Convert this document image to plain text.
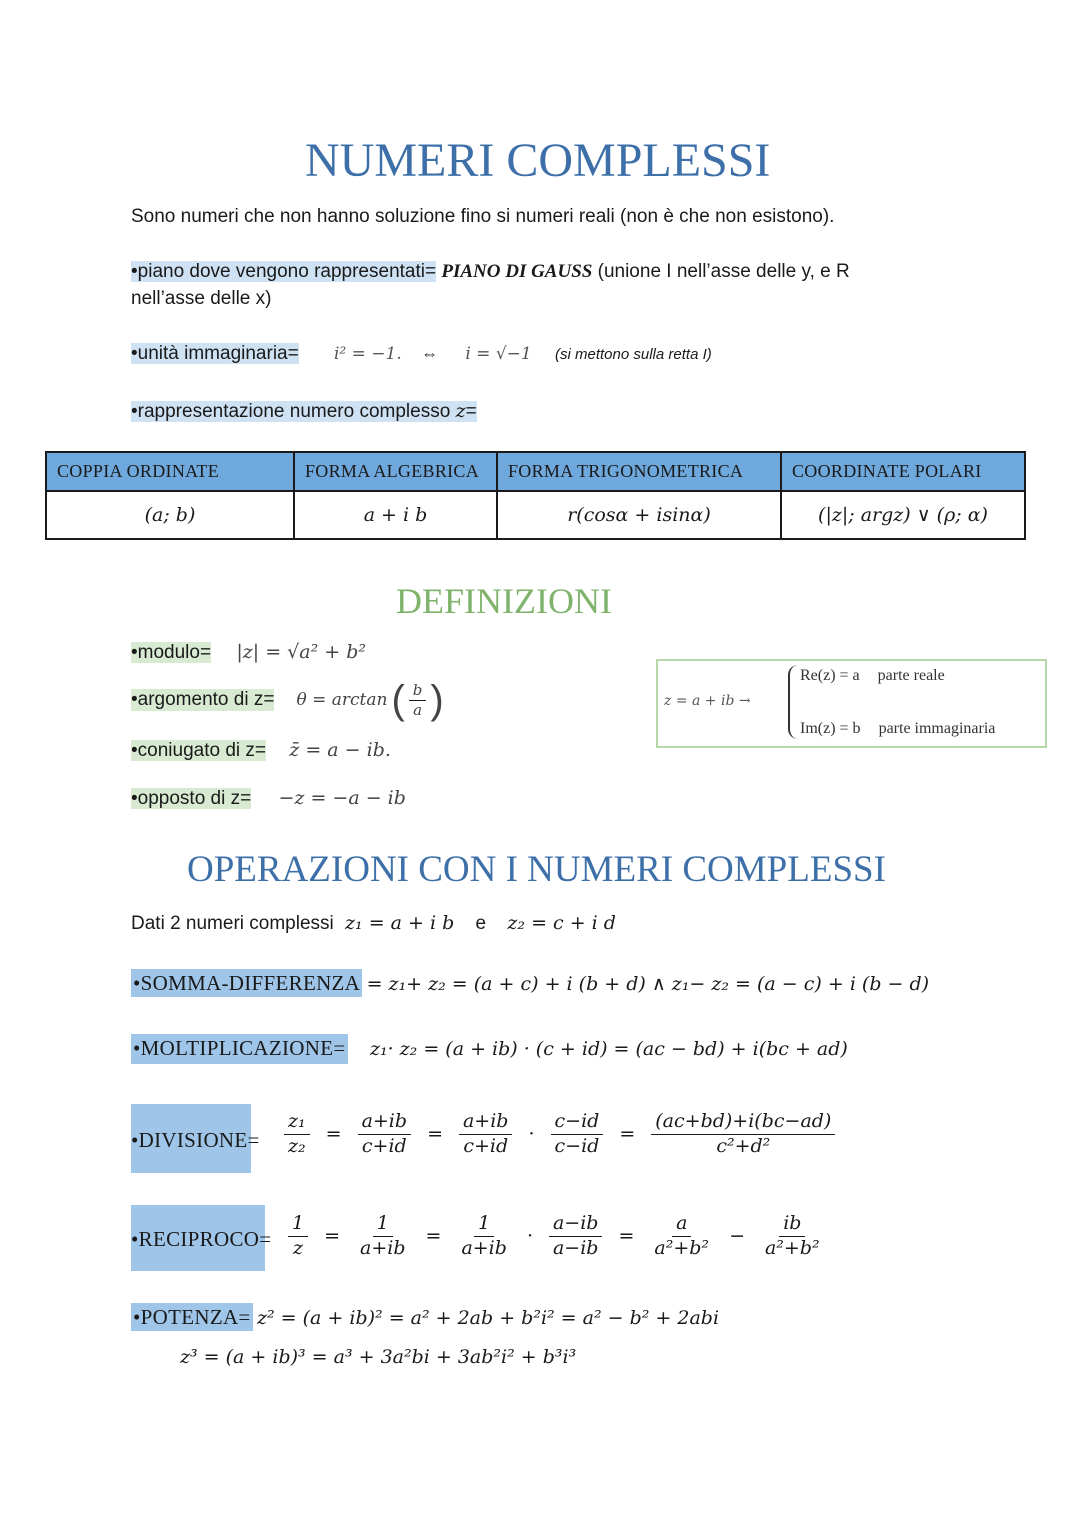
NUMERI COMPLESSI
Sono numeri che non hanno soluzione fino si numeri reali (non è che non esistono).
•piano dove vengono rappresentati= PIANO DI GAUSS (unione I nell’asse delle y, e R
nell’asse delle x)
•unità immaginaria= i² = −1. ⇔ i = √−1 (si mettono sulla retta I)
•rappresentazione numero complesso z=
COPPIA ORDINATE	FORMA ALGEBRICA	FORMA TRIGONOMETRICA	COORDINATE POLARI
(a; b)	a + i b	r(cosα + isinα)	(|z|; argz) ∨ (ρ; α)
DEFINIZIONI
•modulo= |z| = √a² + b²
•argomento di z= θ = arctan ( $\frac{b}{a}$ )
•coniugato di z= z̄ = a − ib.
•opposto di z= −z = −a − ib
z = a + ib →
Re(z) = a parte reale
Im(z) = b parte immaginaria
OPERAZIONI CON I NUMERI COMPLESSI
Dati 2 numeri complessi z₁ = a + i b e z₂ = c + i d
•SOMMA-DIFFERENZA = z₁+ z₂ = (a + c) + i (b + d) ∧ z₁− z₂ = (a − c) + i (b − d)
•MOLTIPLICAZIONE= z₁· z₂ = (a + ib) · (c + id) = (ac − bd) + i(bc + ad)
•DIVISIONE= $\frac{\text{z₁}}{\text{z₂}} = \frac{a+ib}{c+id} = \frac{a+ib}{c+id} \cdot \frac{c-id}{c-id} = \frac{(ac+bd)+i(bc-ad)}{\text{c²+d²}}$
•RECIPROCO= $\frac{1}{z} = \frac{1}{a+ib} = \frac{1}{a+ib} \cdot \frac{a-ib}{a-ib} = \frac{a}{\text{a²+b²}} - \frac{ib}{\text{a²+b²}}$
•POTENZA= z² = (a + ib)² = a² + 2ab + b²i² = a² − b² + 2abi
z³ = (a + ib)³ = a³ + 3a²bi + 3ab²i² + b³i³
